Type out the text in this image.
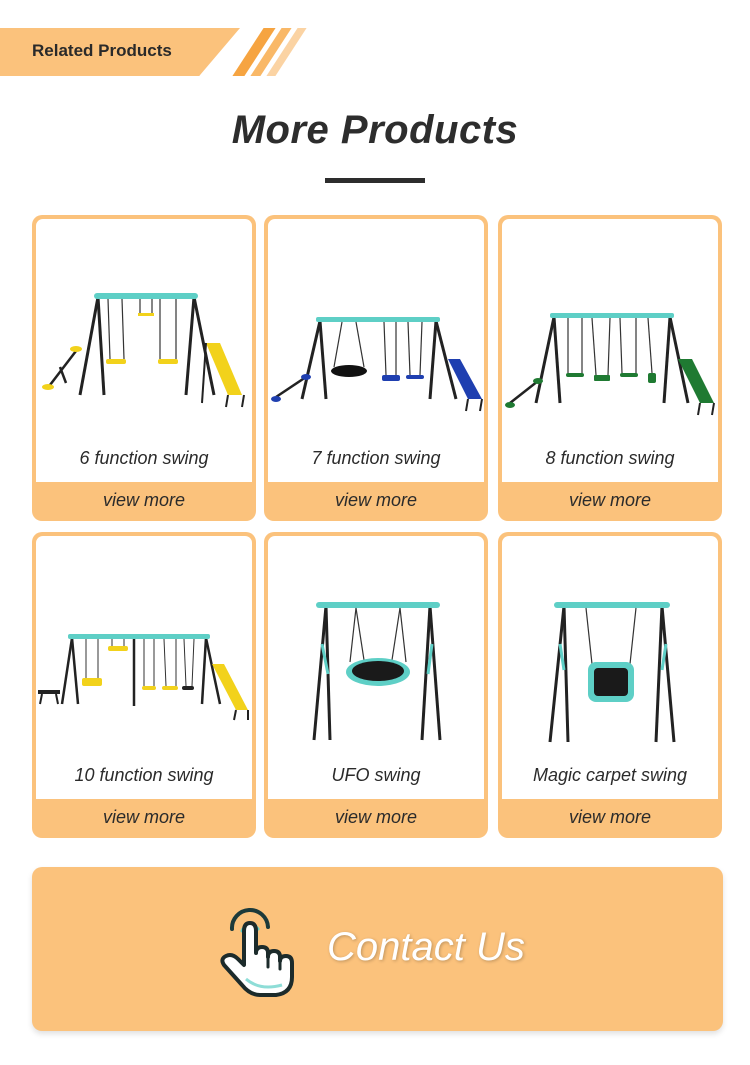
Related Products
More Products
6 function swing
view more
7 function swing
view more
8 function swing
view more
10 function swing
view more
UFO swing
view more
Magic carpet swing
view more
Contact Us
